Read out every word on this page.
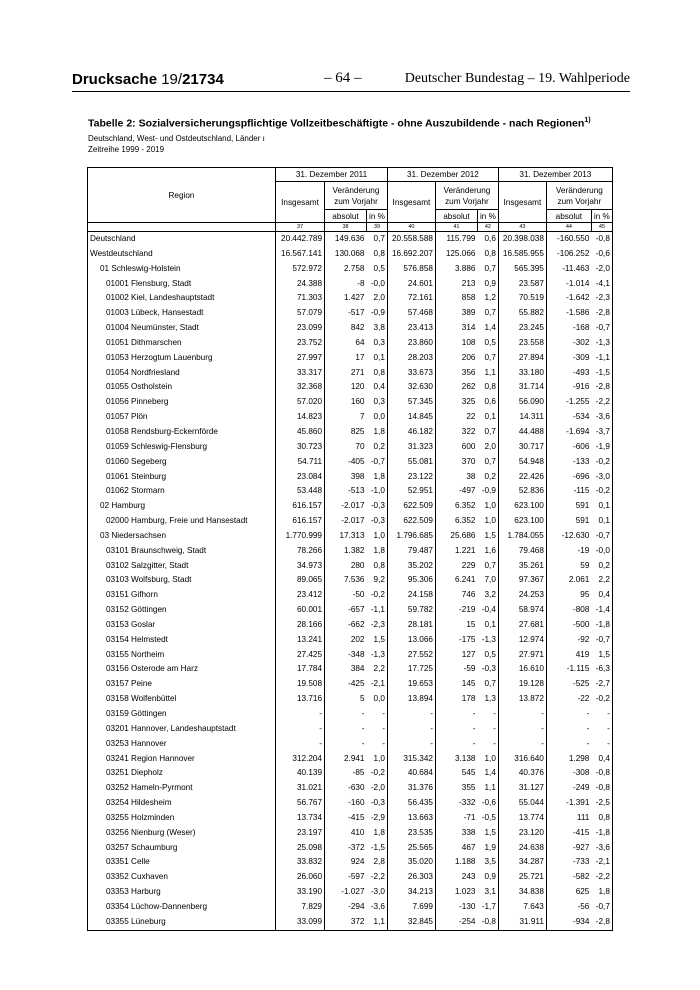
Drucksache 19/21734	– 64 –	Deutscher Bundestag – 19. Wahlperiode
Tabelle 2: Sozialversicherungspflichtige Vollzeitbeschäftigte - ohne Auszubildende - nach Regionen$^{1)}$
Deutschland, West- und Ostdeutschland, Länder ı
Zeitreihe 1999 - 2019
Region	31. Dezember 2011			31. Dezember 2012			31. Dezember 2013		
	Insgesamt	Veränderung zum Vorjahr		Insgesamt	Veränderung zum Vorjahr		Insgesamt	Veränderung zum Vorjahr	
		absolut	in %		absolut	in %		absolut	in %
	37	38	39	40	41	42	43	44	45
Deutschland	20.442.789	149.636	0,7	20.558.588	115.799	0,6	20.398.038	-160.550	-0,8
Westdeutschland	16.567.141	130.068	0,8	16.692.207	125.066	0,8	16.585.955	-106.252	-0,6
01 Schleswig-Holstein	572.972	2.758	0,5	576.858	3.886	0,7	565.395	-11.463	-2,0
01001 Flensburg, Stadt	24.388	-8	-0,0	24.601	213	0,9	23.587	-1.014	-4,1
01002 Kiel, Landeshauptstadt	71.303	1.427	2,0	72.161	858	1,2	70.519	-1.642	-2,3
01003 Lübeck, Hansestadt	57.079	-517	-0,9	57.468	389	0,7	55.882	-1.586	-2,8
01004 Neumünster, Stadt	23.099	842	3,8	23.413	314	1,4	23.245	-168	-0,7
01051 Dithmarschen	23.752	64	0,3	23.860	108	0,5	23.558	-302	-1,3
01053 Herzogtum Lauenburg	27.997	17	0,1	28.203	206	0,7	27.894	-309	-1,1
01054 Nordfriesland	33.317	271	0,8	33.673	356	1,1	33.180	-493	-1,5
01055 Ostholstein	32.368	120	0,4	32.630	262	0,8	31.714	-916	-2,8
01056 Pinneberg	57.020	160	0,3	57.345	325	0,6	56.090	-1.255	-2,2
01057 Plön	14.823	7	0,0	14.845	22	0,1	14.311	-534	-3,6
01058 Rendsburg-Eckernförde	45.860	825	1,8	46.182	322	0,7	44.488	-1.694	-3,7
01059 Schleswig-Flensburg	30.723	70	0,2	31.323	600	2,0	30.717	-606	-1,9
01060 Segeberg	54.711	-405	-0,7	55.081	370	0,7	54.948	-133	-0,2
01061 Steinburg	23.084	398	1,8	23.122	38	0,2	22.426	-696	-3,0
01062 Stormarn	53.448	-513	-1,0	52.951	-497	-0,9	52.836	-115	-0,2
02 Hamburg	616.157	-2.017	-0,3	622.509	6.352	1,0	623.100	591	0,1
02000 Hamburg, Freie und Hansestadt	616.157	-2.017	-0,3	622.509	6.352	1,0	623.100	591	0,1
03 Niedersachsen	1.770.999	17.313	1,0	1.796.685	25.686	1,5	1.784.055	-12.630	-0,7
03101 Braunschweig, Stadt	78.266	1.382	1,8	79.487	1.221	1,6	79.468	-19	-0,0
03102 Salzgitter, Stadt	34.973	280	0,8	35.202	229	0,7	35.261	59	0,2
03103 Wolfsburg, Stadt	89.065	7.536	9,2	95.306	6.241	7,0	97.367	2.061	2,2
03151 Gifhorn	23.412	-50	-0,2	24.158	746	3,2	24.253	95	0,4
03152 Göttingen	60.001	-657	-1,1	59.782	-219	-0,4	58.974	-808	-1,4
03153 Goslar	28.166	-662	-2,3	28.181	15	0,1	27.681	-500	-1,8
03154 Helmstedt	13.241	202	1,5	13.066	-175	-1,3	12.974	-92	-0,7
03155 Northeim	27.425	-348	-1,3	27.552	127	0,5	27.971	419	1,5
03156 Osterode am Harz	17.784	384	2,2	17.725	-59	-0,3	16.610	-1.115	-6,3
03157 Peine	19.508	-425	-2,1	19.653	145	0,7	19.128	-525	-2,7
03158 Wolfenbüttel	13.716	5	0,0	13.894	178	1,3	13.872	-22	-0,2
03159 Göttingen	-	-	-	-	-	-	-	-	-
03201 Hannover, Landeshauptstadt	-	-	-	-	-	-	-	-	-
03253 Hannover	-	-	-	-	-	-	-	-	-
03241 Region Hannover	312.204	2.941	1,0	315.342	3.138	1,0	316.640	1.298	0,4
03251 Diepholz	40.139	-85	-0,2	40.684	545	1,4	40.376	-308	-0,8
03252 Hameln-Pyrmont	31.021	-630	-2,0	31.376	355	1,1	31.127	-249	-0,8
03254 Hildesheim	56.767	-160	-0,3	56.435	-332	-0,6	55.044	-1.391	-2,5
03255 Holzminden	13.734	-415	-2,9	13.663	-71	-0,5	13.774	111	0,8
03256 Nienburg (Weser)	23.197	410	1,8	23.535	338	1,5	23.120	-415	-1,8
03257 Schaumburg	25.098	-372	-1,5	25.565	467	1,9	24.638	-927	-3,6
03351 Celle	33.832	924	2,8	35.020	1.188	3,5	34.287	-733	-2,1
03352 Cuxhaven	26.060	-597	-2,2	26.303	243	0,9	25.721	-582	-2,2
03353 Harburg	33.190	-1.027	-3,0	34.213	1.023	3,1	34.838	625	1,8
03354 Lüchow-Dannenberg	7.829	-294	-3,6	7.699	-130	-1,7	7.643	-56	-0,7
03355 Lüneburg	33.099	372	1,1	32.845	-254	-0,8	31.911	-934	-2,8
